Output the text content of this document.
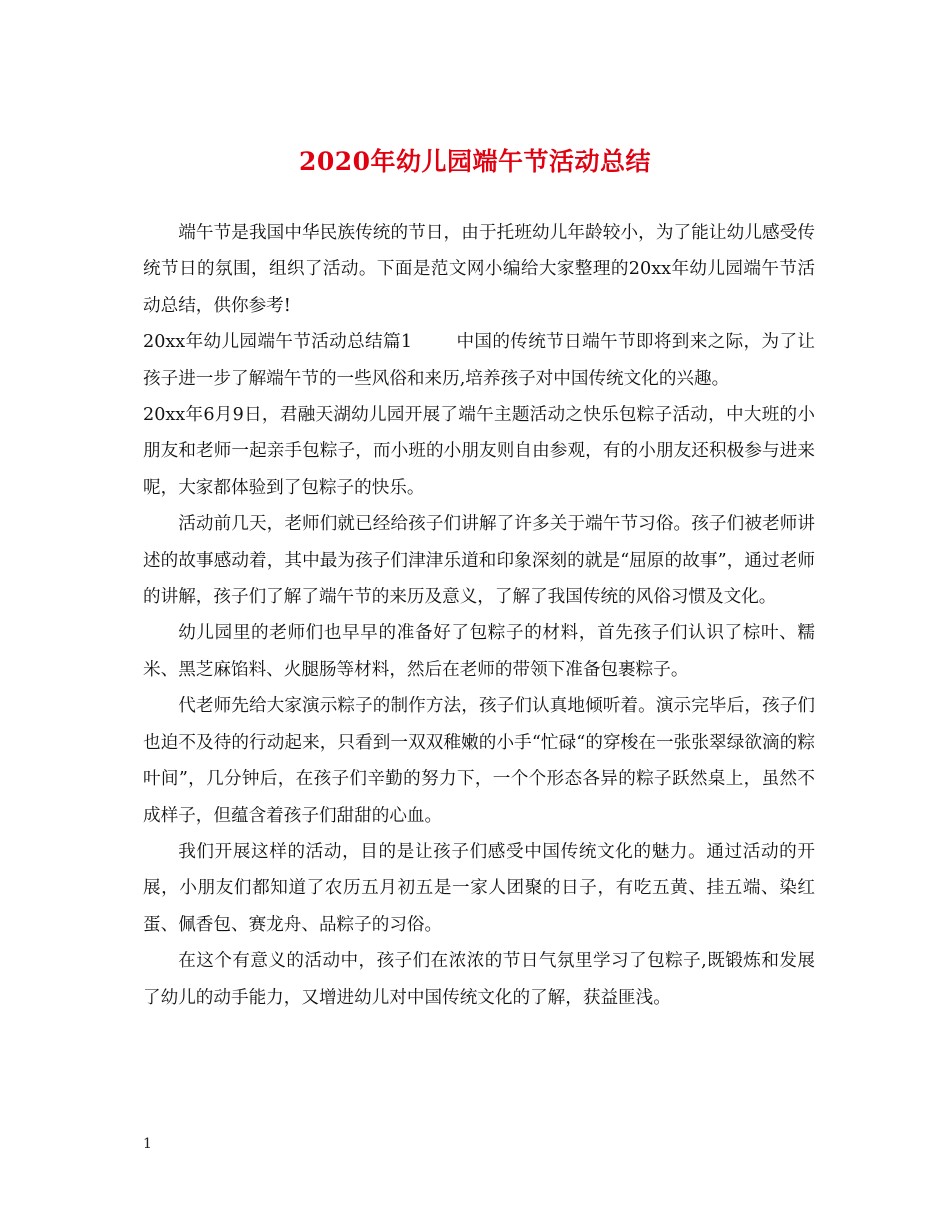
2020年幼儿园端午节活动总结

端午节是我国中华民族传统的节日，由于托班幼儿年龄较小，为了能让幼儿感受传统节日的氛围，组织了活动。下面是范文网小编给大家整理的20xx年幼儿园端午节活动总结，供你参考!

20xx年幼儿园端午节活动总结篇1	中国的传统节日端午节即将到来之际，为了让孩子进一步了解端午节的一些风俗和来历,培养孩子对中国传统文化的兴趣。

20xx年6月9日，君融天湖幼儿园开展了端午主题活动之快乐包粽子活动，中大班的小朋友和老师一起亲手包粽子，而小班的小朋友则自由参观，有的小朋友还积极参与进来呢，大家都体验到了包粽子的快乐。

活动前几天，老师们就已经给孩子们讲解了许多关于端午节习俗。孩子们被老师讲述的故事感动着，其中最为孩子们津津乐道和印象深刻的就是“屈原的故事”，通过老师的讲解，孩子们了解了端午节的来历及意义，了解了我国传统的风俗习惯及文化。

幼儿园里的老师们也早早的准备好了包粽子的材料，首先孩子们认识了棕叶、糯米、黑芝麻馅料、火腿肠等材料，然后在老师的带领下准备包裹粽子。

代老师先给大家演示粽子的制作方法，孩子们认真地倾听着。演示完毕后，孩子们也迫不及待的行动起来，只看到一双双稚嫩的小手“忙碌“的穿梭在一张张翠绿欲滴的粽叶间”，几分钟后，在孩子们辛勤的努力下，一个个形态各异的粽子跃然桌上，虽然不成样子，但蕴含着孩子们甜甜的心血。

我们开展这样的活动，目的是让孩子们感受中国传统文化的魅力。通过活动的开展，小朋友们都知道了农历五月初五是一家人团聚的日子，有吃五黄、挂五端、染红蛋、佩香包、赛龙舟、品粽子的习俗。

在这个有意义的活动中，孩子们在浓浓的节日气氛里学习了包粽子,既锻炼和发展了幼儿的动手能力，又增进幼儿对中国传统文化的了解，获益匪浅。

1
